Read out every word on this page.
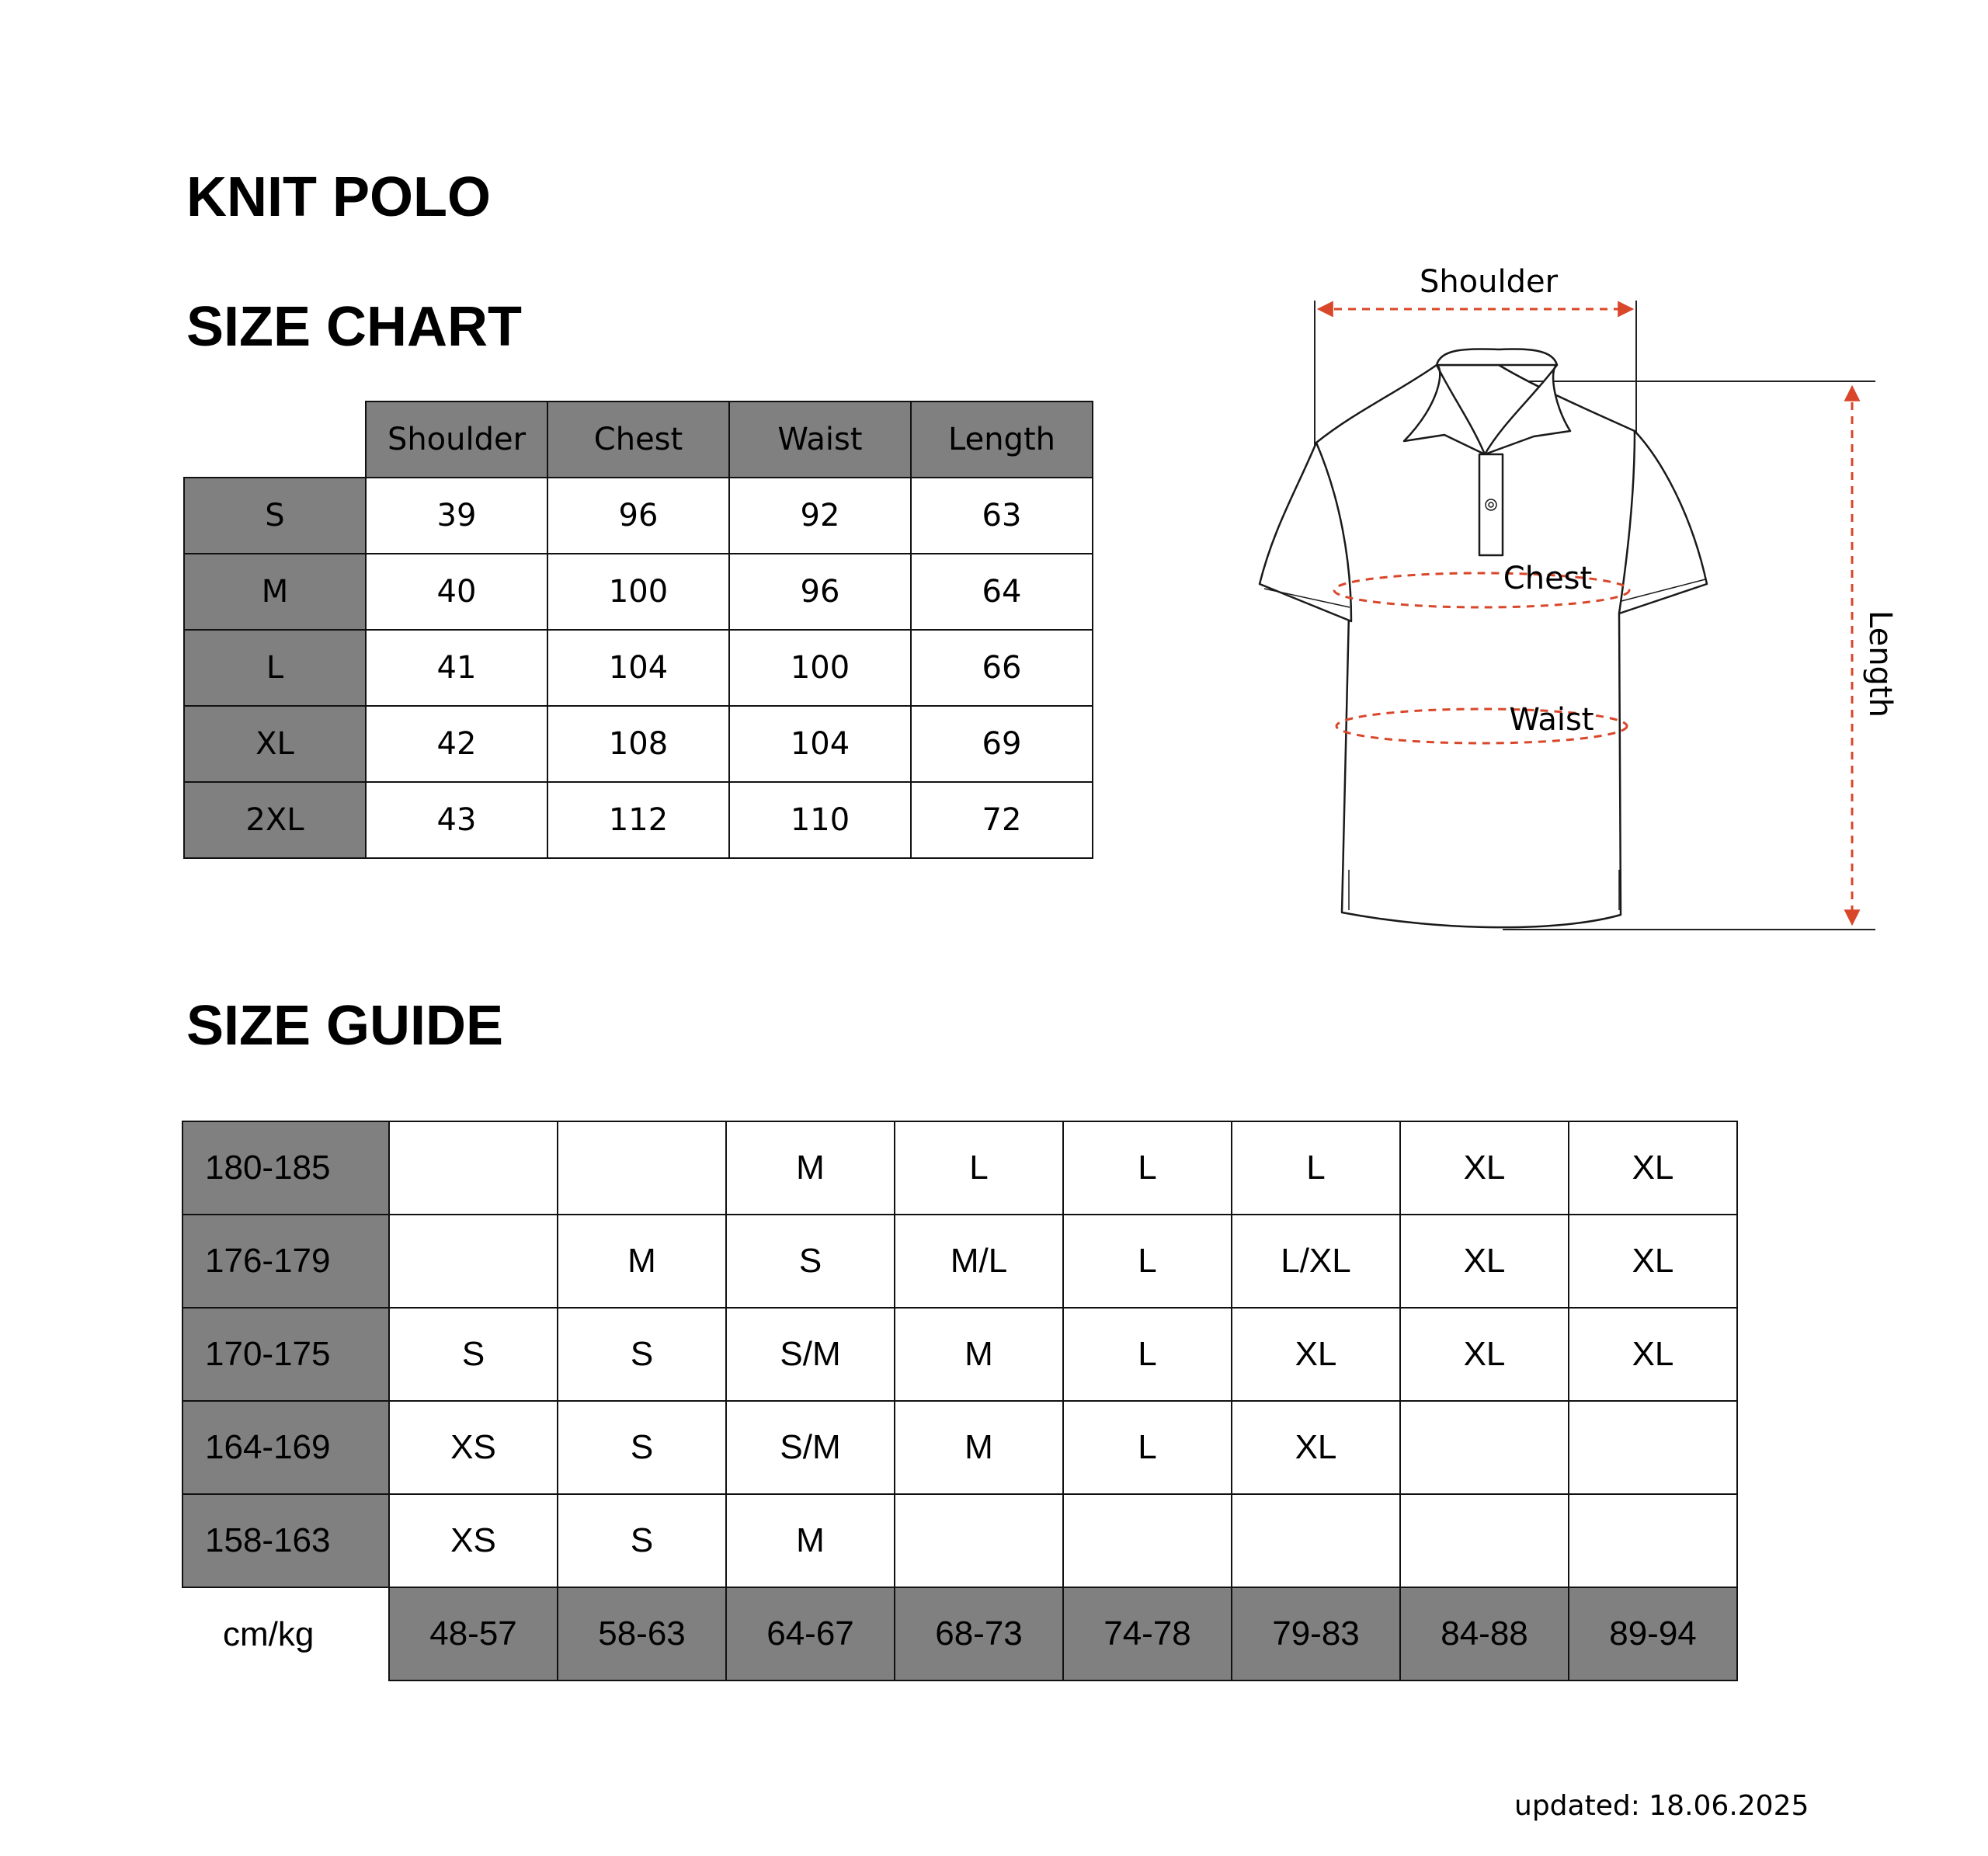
KNIT POLO
SIZE CHART
	Shoulder	Chest	Waist	Length
S	39	96	92	63
M	40	100	96	64
L	41	104	100	66
XL	42	108	104	69
2XL	43	112	110	72
Shoulder
Chest
Waist
Length
SIZE GUIDE
180-185			M	L	L	L	XL	XL
176-179		M	S	M/L	L	L/XL	XL	XL
170-175	S	S	S/M	M	L	XL	XL	XL
164-169	XS	S	S/M	M	L	XL		
158-163	XS	S	M					
cm/kg	48-57	58-63	64-67	68-73	74-78	79-83	84-88	89-94
updated: 18.06.2025
